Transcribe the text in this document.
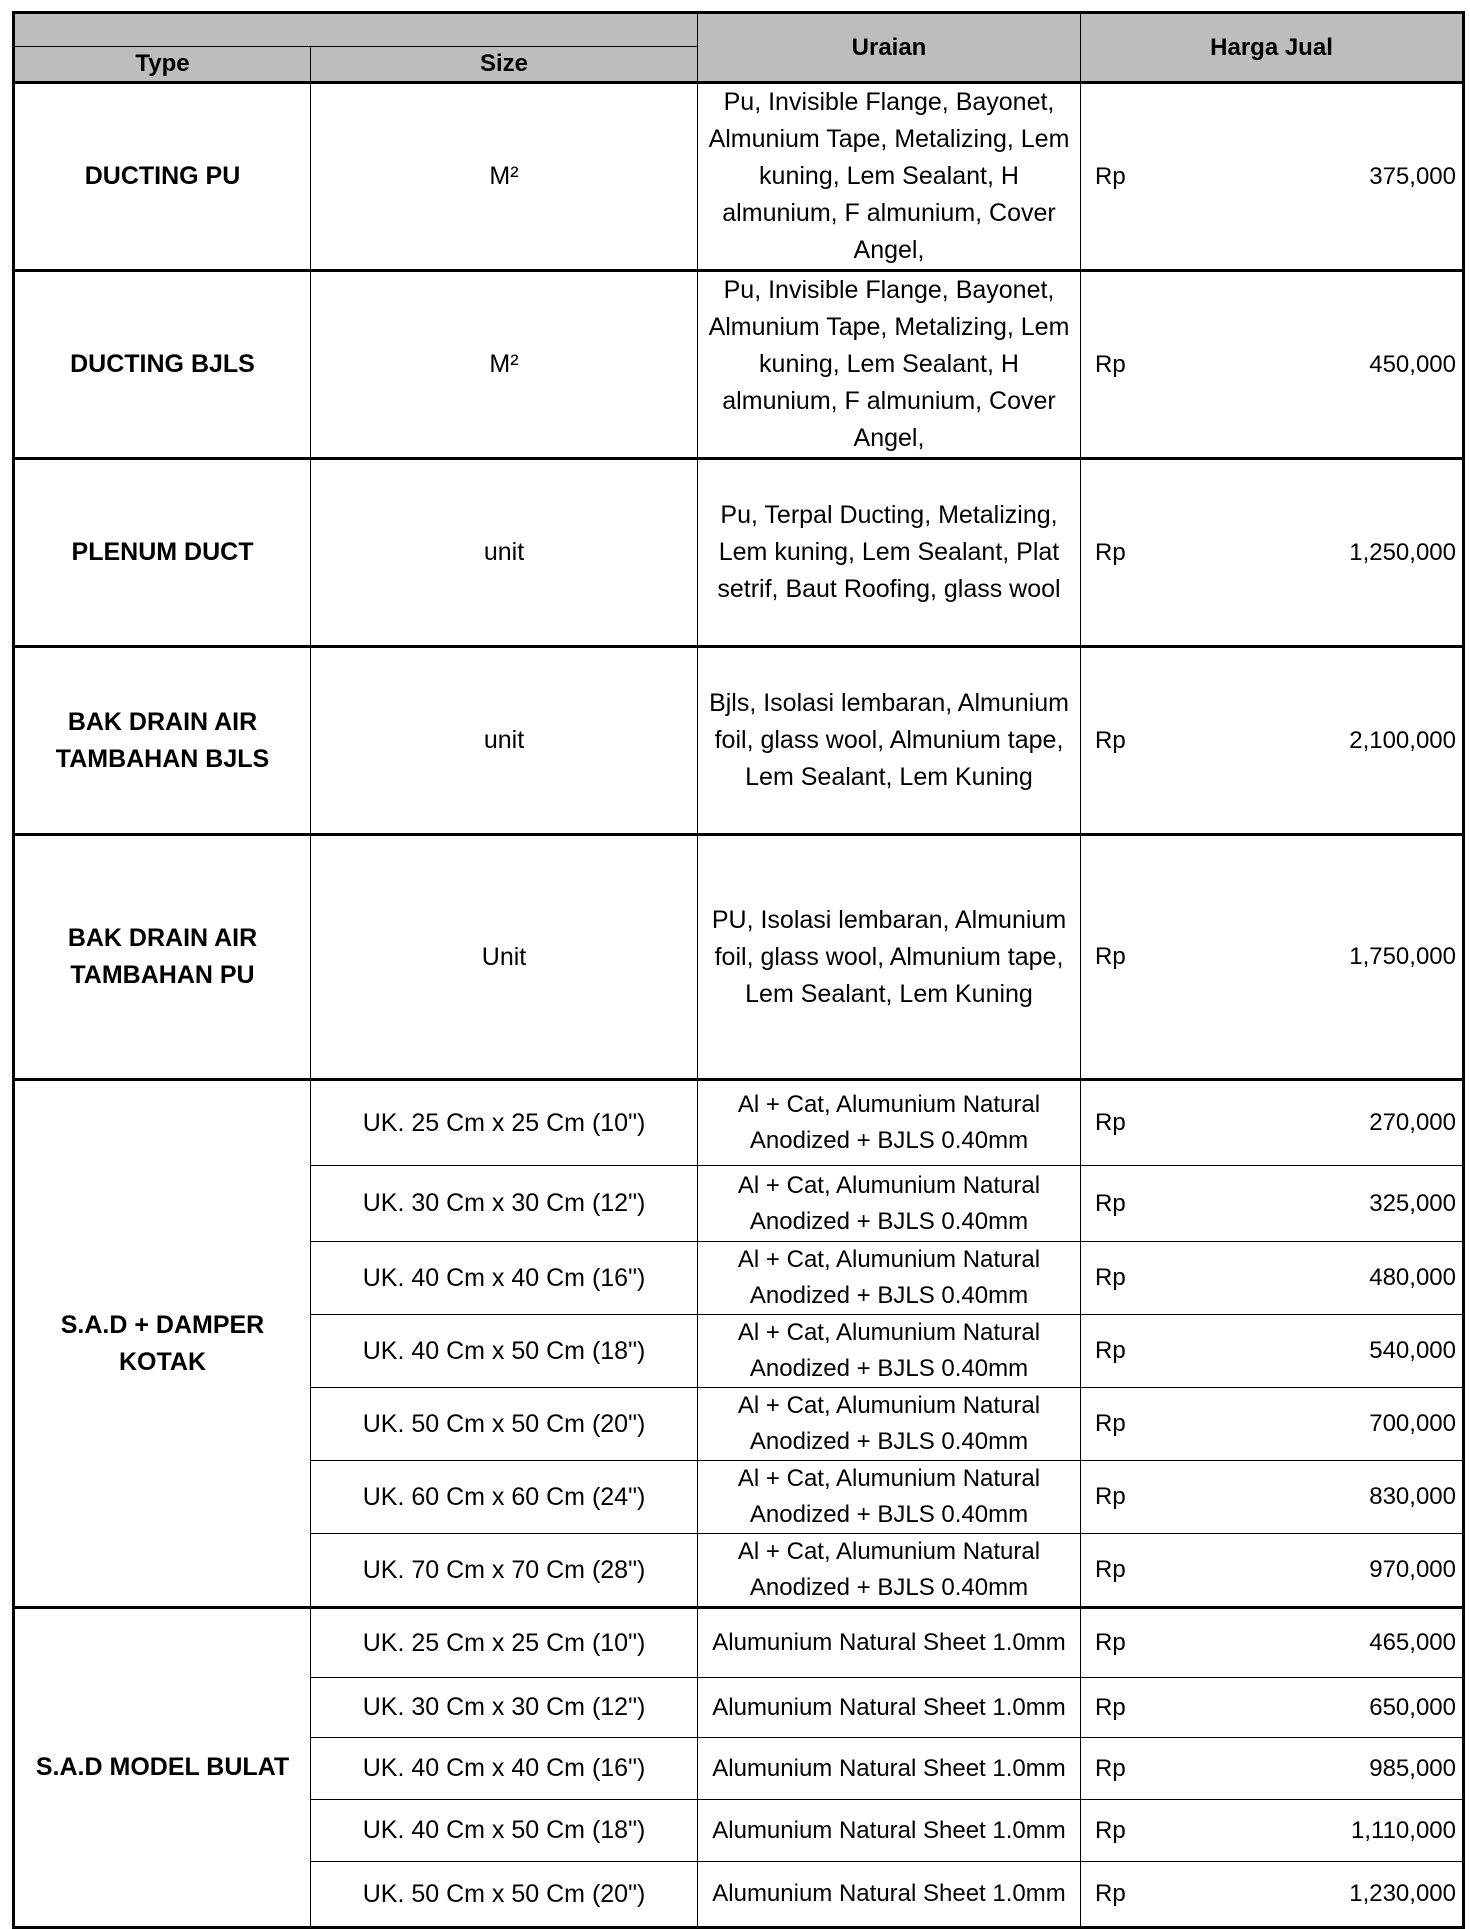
		Uraian	Harga Jual	
Type	Size			
DUCTING PU	M²	Pu, Invisible Flange, Bayonet, Almunium Tape, Metalizing, Lem kuning, Lem Sealant, H almunium, F almunium, Cover Angel,	Rp	375,000
DUCTING BJLS	M²	Pu, Invisible Flange, Bayonet, Almunium Tape, Metalizing, Lem kuning, Lem Sealant, H almunium, F almunium, Cover Angel,	Rp	450,000
PLENUM DUCT	unit	Pu, Terpal Ducting, Metalizing, Lem kuning, Lem Sealant, Plat setrif, Baut Roofing, glass wool	Rp	1,250,000
BAK DRAIN AIR TAMBAHAN BJLS	unit	Bjls, Isolasi lembaran, Almunium foil, glass wool, Almunium tape, Lem Sealant, Lem Kuning	Rp	2,100,000
BAK DRAIN AIR TAMBAHAN PU	Unit	PU, Isolasi lembaran, Almunium foil, glass wool, Almunium tape, Lem Sealant, Lem Kuning	Rp	1,750,000
S.A.D + DAMPER KOTAK	UK. 25 Cm x 25 Cm (10")	Al + Cat, Alumunium Natural Anodized + BJLS 0.40mm	Rp	270,000
	UK. 30 Cm x 30 Cm (12")	Al + Cat, Alumunium Natural Anodized + BJLS 0.40mm	Rp	325,000
	UK. 40 Cm x 40 Cm (16")	Al + Cat, Alumunium Natural Anodized + BJLS 0.40mm	Rp	480,000
	UK. 40 Cm x 50 Cm (18")	Al + Cat, Alumunium Natural Anodized + BJLS 0.40mm	Rp	540,000
	UK. 50 Cm x 50 Cm (20")	Al + Cat, Alumunium Natural Anodized + BJLS 0.40mm	Rp	700,000
	UK. 60 Cm x 60 Cm (24")	Al + Cat, Alumunium Natural Anodized + BJLS 0.40mm	Rp	830,000
	UK. 70 Cm x 70 Cm (28")	Al + Cat, Alumunium Natural Anodized + BJLS 0.40mm	Rp	970,000
S.A.D MODEL BULAT	UK. 25 Cm x 25 Cm (10")	Alumunium Natural Sheet 1.0mm	Rp	465,000
	UK. 30 Cm x 30 Cm (12")	Alumunium Natural Sheet 1.0mm	Rp	650,000
	UK. 40 Cm x 40 Cm (16")	Alumunium Natural Sheet 1.0mm	Rp	985,000
	UK. 40 Cm x 50 Cm (18")	Alumunium Natural Sheet 1.0mm	Rp	1,110,000
	UK. 50 Cm x 50 Cm (20")	Alumunium Natural Sheet 1.0mm	Rp	1,230,000
